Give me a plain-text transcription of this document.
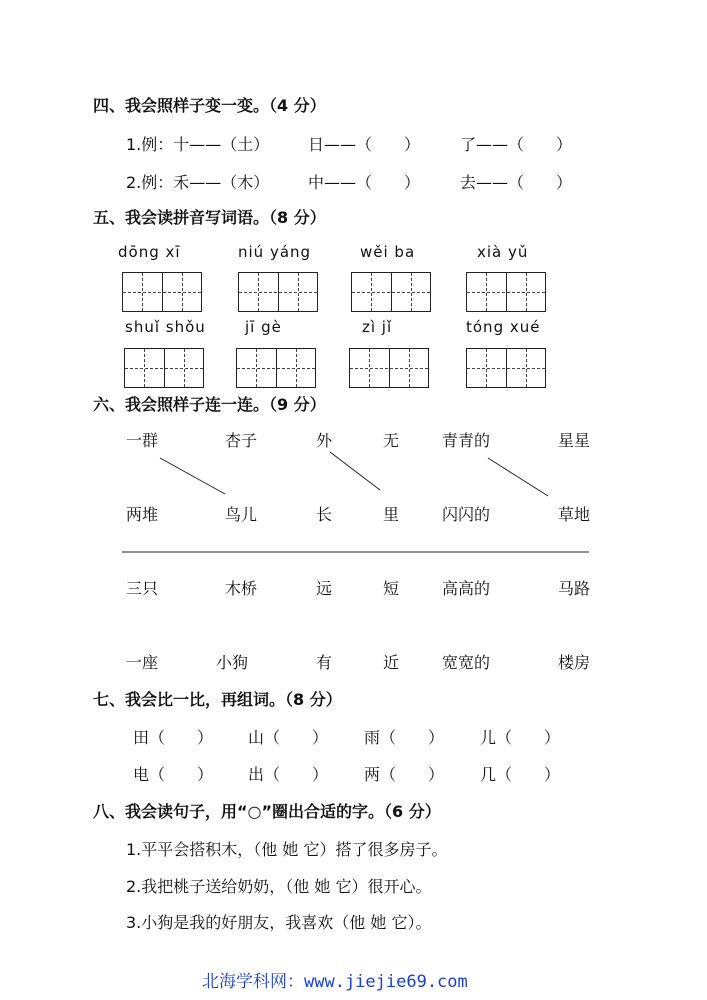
四、我会照样子变一变。（4 分）
1.例：十——（土） 日——（　　） 了——（　　）
2.例：禾——（木） 中——（　　） 去——（　　）
五、我会读拼音写词语。（8 分）
dōng xī	niú yáng	wěi ba	xià yǔ
shuǐ shǒu	jī gè	zì jǐ	tóng xué
六、我会照样子连一连。（9 分）
一群	杏子	外	无	青青的	星星
两堆	鸟儿	长	里	闪闪的	草地
三只	木桥	远	短	高高的	马路
一座	小狗	有	近	宽宽的	楼房
七、我会比一比，再组词。（8 分）
田（　　） 山（　　） 雨（　　） 儿（　　）
电（　　） 出（　　） 两（　　） 几（　　）
八、我会读句子，用“○”圈出合适的字。（6 分）
1.平平会搭积木，（他 她 它）搭了很多房子。
2.我把桃子送给奶奶，（他 她 它）很开心。
3.小狗是我的好朋友，我喜欢（他 她 它）。
北海学科网：www.jiejie69.com
